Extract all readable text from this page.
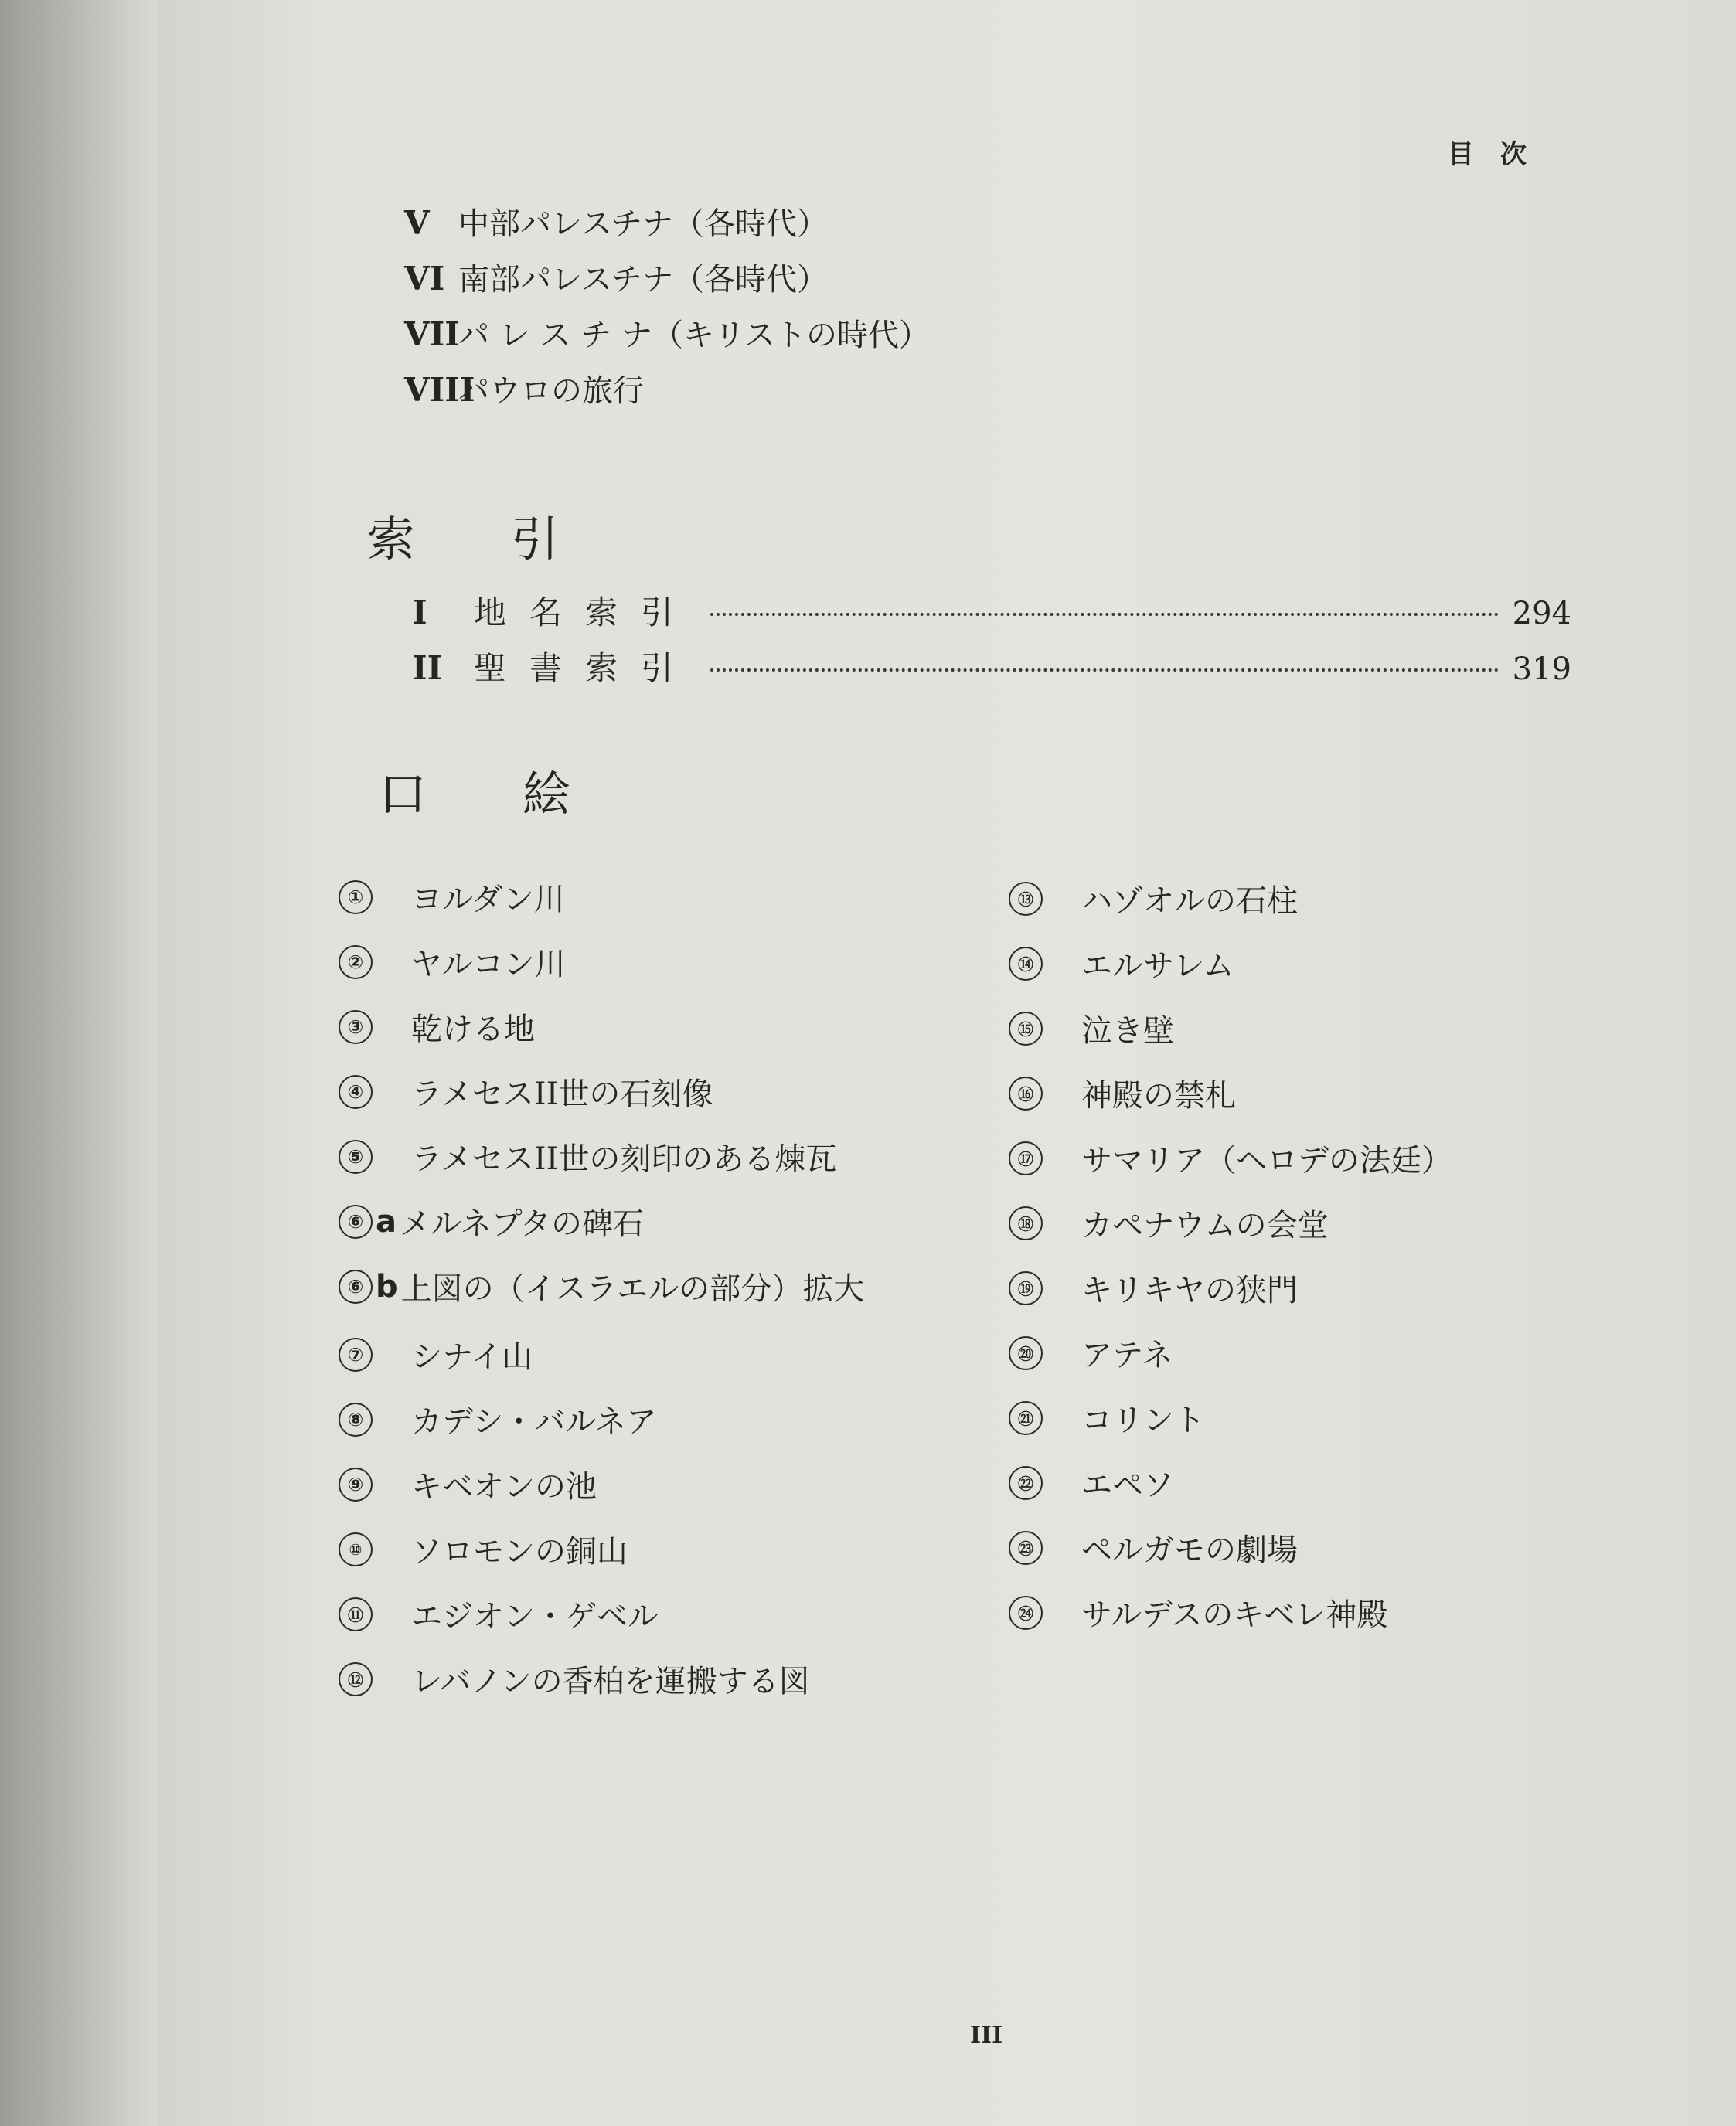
目　次
V 中部パレスチナ（各時代）
VI 南部パレスチナ（各時代）
VIIパ レ ス チ ナ（キリストの時代）
VIIIパウロの旅行
索　　引
I	地名索引	294
II 聖書索引	319
口　　絵
① ヨルダン川
② ヤルコン川
③ 乾ける地
④ ラメセスII世の石刻像
⑤ ラメセスII世の刻印のある煉瓦
⑥ a メルネプタの碑石
⑥ b 上図の（イスラエルの部分）拡大
⑦ シナイ山
⑧ カデシ・バルネア
⑨ キベオンの池
⑩	ソロモンの銅山
⑪	エジオン・ゲベル
⑫	レバノンの香柏を運搬する図
⑬	ハゾオルの石柱
⑭	エルサレム
⑮	泣き壁
⑯	神殿の禁札
⑰	サマリア（ヘロデの法廷）
⑱	カペナウムの会堂
⑲	キリキヤの狭門
⑳	アテネ
㉑	コリント
㉒	エペソ
㉓	ペルガモの劇場
㉔	サルデスのキベレ神殿
III
